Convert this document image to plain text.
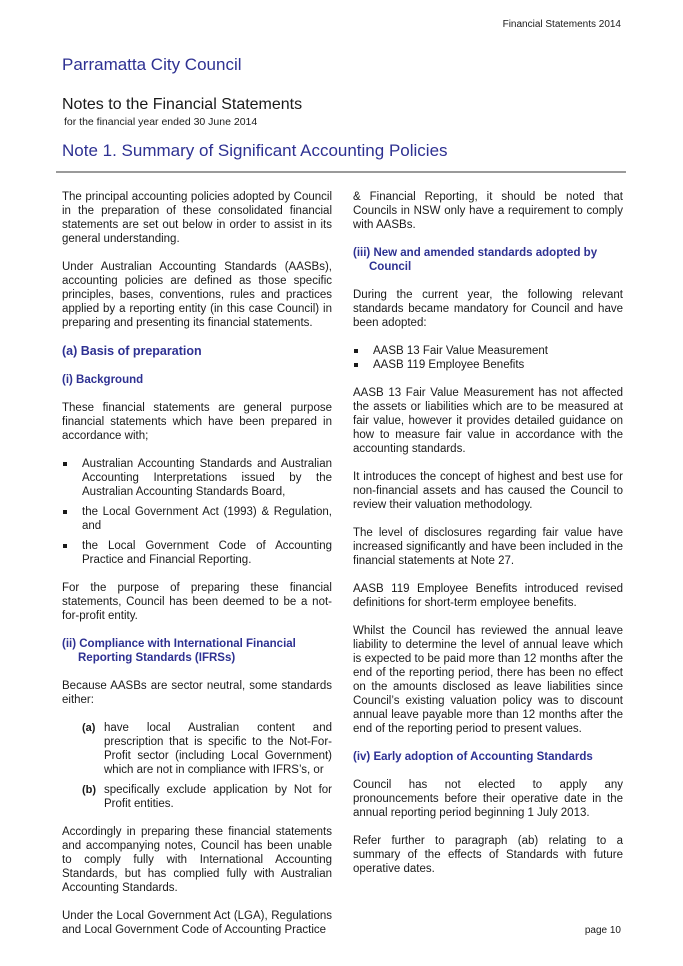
Financial Statements 2014
Parramatta City Council
Notes to the Financial Statements
for the financial year ended 30 June 2014
Note 1. Summary of Significant Accounting Policies

The principal accounting policies adopted by Council in the preparation of these consolidated financial statements are set out below in order to assist in its general understanding.

Under Australian Accounting Standards (AASBs), accounting policies are defined as those specific principles, bases, conventions, rules and practices applied by a reporting entity (in this case Council) in preparing and presenting its financial statements.

(a) Basis of preparation
(i) Background

These financial statements are general purpose financial statements which have been prepared in accordance with;

Australian Accounting Standards and Australian Accounting Interpretations issued by the Australian Accounting Standards Board,
the Local Government Act (1993) & Regulation, and
the Local Government Code of Accounting Practice and Financial Reporting.

For the purpose of preparing these financial statements, Council has been deemed to be a not-for-profit entity.

(ii) Compliance with International Financial Reporting Standards (IFRSs)

Because AASBs are sector neutral, some standards either:

(a) have local Australian content and prescription that is specific to the Not-For-Profit sector (including Local Government) which are not in compliance with IFRS’s, or
(b) specifically exclude application by Not for Profit entities.

Accordingly in preparing these financial statements and accompanying notes, Council has been unable to comply fully with International Accounting Standards, but has complied fully with Australian Accounting Standards.

Under the Local Government Act (LGA), Regulations and Local Government Code of Accounting Practice

& Financial Reporting, it should be noted that Councils in NSW only have a requirement to comply with AASBs.

(iii) New and amended standards adopted by Council

During the current year, the following relevant standards became mandatory for Council and have been adopted:

AASB 13 Fair Value Measurement
AASB 119 Employee Benefits

AASB 13 Fair Value Measurement has not affected the assets or liabilities which are to be measured at fair value, however it provides detailed guidance on how to measure fair value in accordance with the accounting standards.

It introduces the concept of highest and best use for non-financial assets and has caused the Council to review their valuation methodology.

The level of disclosures regarding fair value have increased significantly and have been included in the financial statements at Note 27.

AASB 119 Employee Benefits introduced revised definitions for short-term employee benefits.

Whilst the Council has reviewed the annual leave liability to determine the level of annual leave which is expected to be paid more than 12 months after the end of the reporting period, there has been no effect on the amounts disclosed as leave liabilities since Council’s existing valuation policy was to discount annual leave payable more than 12 months after the end of the reporting period to present values.

(iv) Early adoption of Accounting Standards

Council has not elected to apply any pronouncements before their operative date in the annual reporting period beginning 1 July 2013.

Refer further to paragraph (ab) relating to a summary of the effects of Standards with future operative dates.

page 10
